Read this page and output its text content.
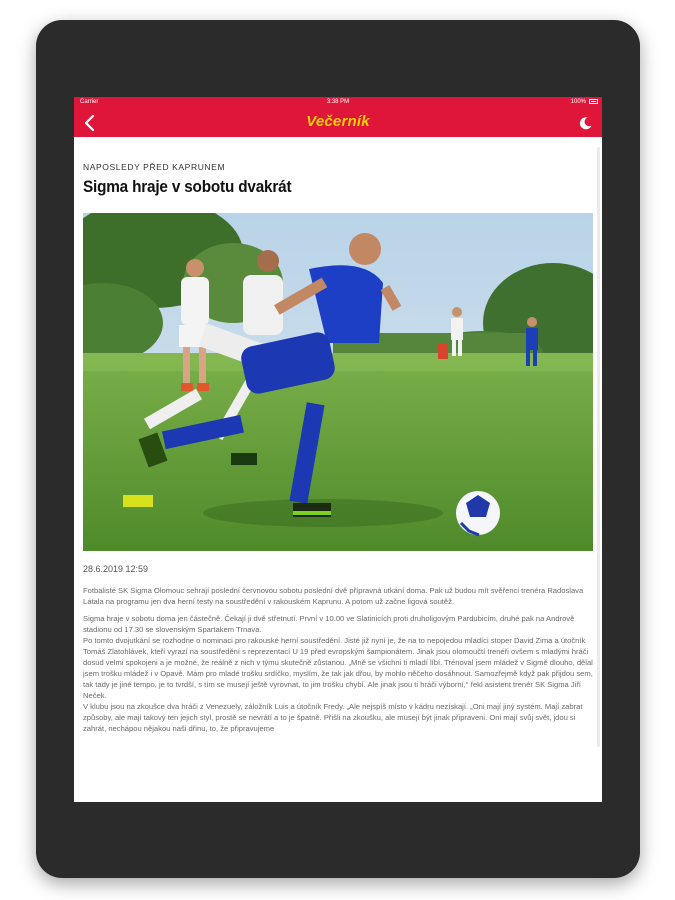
Carrier	3:38 PM	100%
Večerník
NAPOSLEDY PŘED KAPRUNEM
Sigma hraje v sobotu dvakrát
28.6.2019 12:59

Fotbalisté SK Sigma Olomouc sehrají poslední červnovou sobotu poslední dvě přípravná utkání doma. Pak už budou mít svěřenci trenéra Radoslava Látala na programu jen dva herní testy na soustředění v rakouském Kaprunu. A potom už začne ligová soutěž.

Sigma hraje v sobotu doma jen částečně. Čekají ji dvě střetnutí. První v 10.00 ve Slatinicích proti druholigovým Pardubicím, druhé pak na Andrově stadionu od 17.30 se slovenským Spartakem Trnava.

Po tomto dvojutkání se rozhodne o nominaci pro rakouské herní soustředění. Jisté již nyní je, že na to nepojedou mladíci stoper David Zima a útočník Tomáš Zlatohlávek, kteří vyrazí na soustředění s reprezentací U 19 před evropským šampionátem. Jinak jsou olomoučtí trenéři ovšem s mladými hráči dosud velmi spokojeni a je možné, že reálně z nich v týmu skutečně zůstanou. „Mně se všichni ti mladí líbí. Trénoval jsem mládež v Sigmě dlouho, dělal jsem trošku mládež i v Opavě. Mám pro mladé trošku srdíčko, myslím, že tak jak dřou, by mohlo něčeho dosáhnout. Samozřejmě když pak přijdou sem, tak tady je jiné tempo, je to tvrdší, s tím se musejí ještě vyrovnat, to jim trošku chybí. Ale jinak jsou ti hráči výborní,“ řekl asistent trenér SK Sigma Jiří Neček.

V klubu jsou na zkoušce dva hráči z Venezuely, záložník Luis a útočník Fredy. „Ale nejspíš místo v kádru nezískají. „Oni mají jiný systém. Mají zabrat způsoby, ale mají takový ten jejich styl, prostě se nevrátí a to je špatně. Přišli na zkoušku, ale musejí být jinak připraveni. Oni mají svůj svět, jdou si zahrát, nechápou nějakou naši dřinu, to, že připravujeme
